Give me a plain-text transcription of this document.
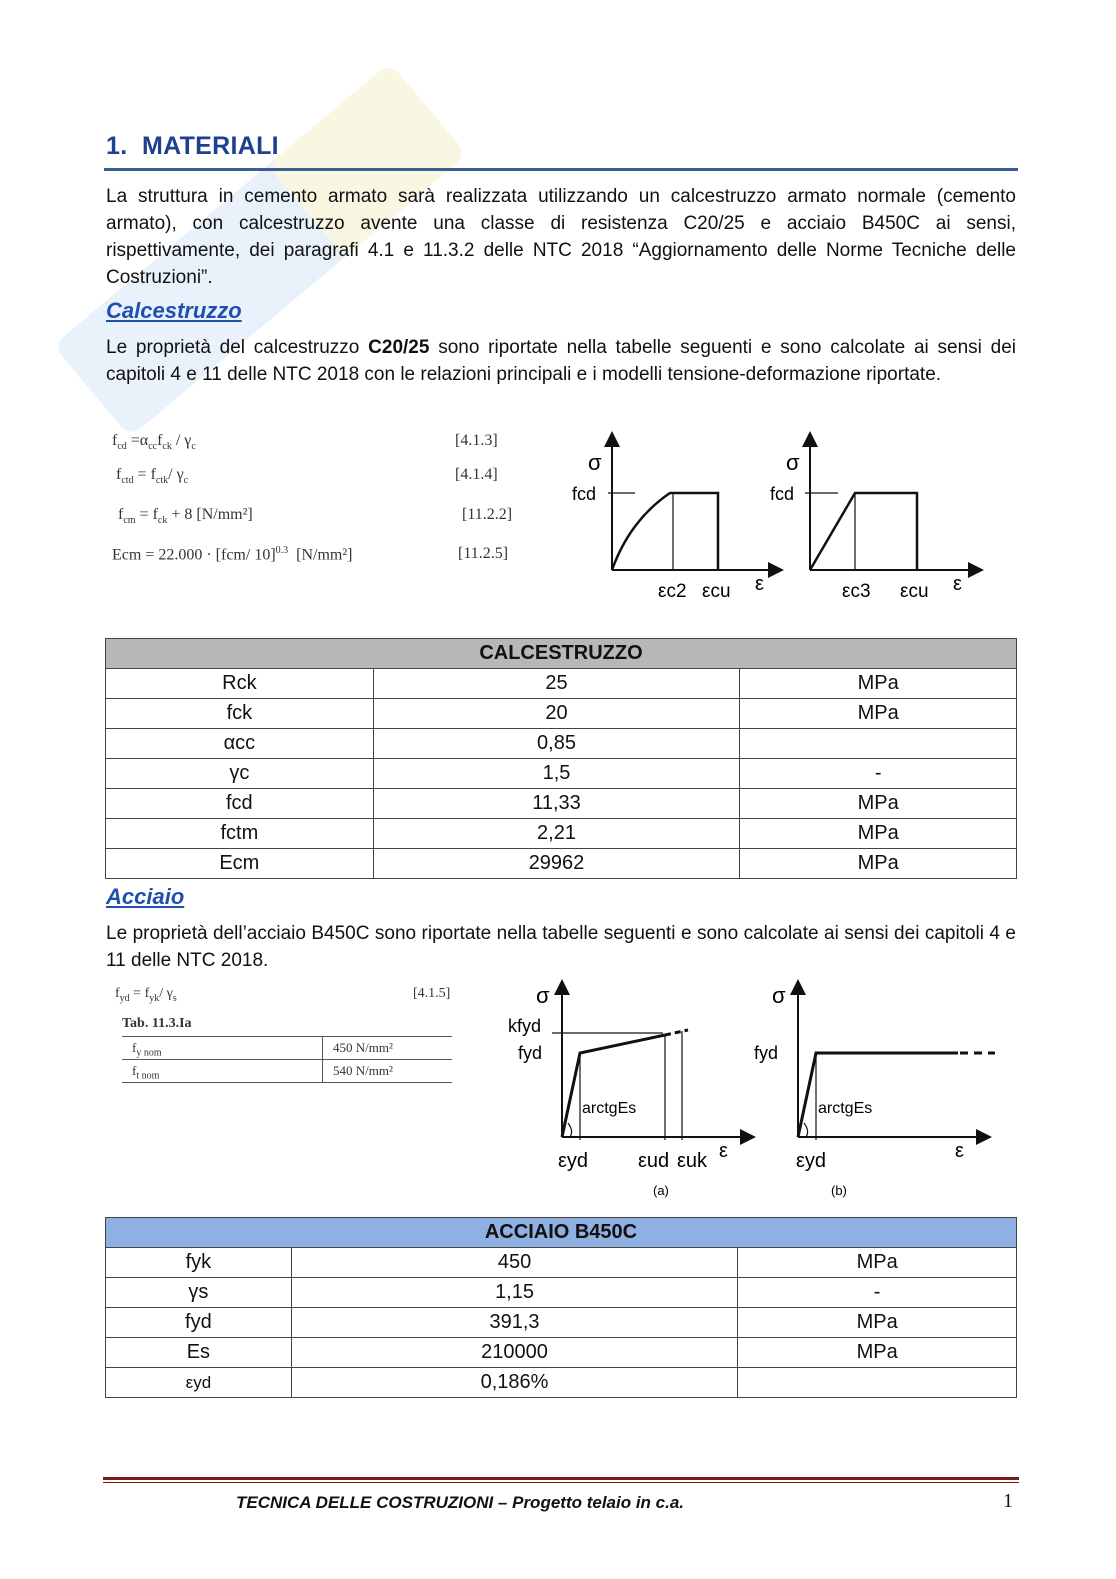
1. MATERIALI
La struttura in cemento armato sarà realizzata utilizzando un calcestruzzo armato normale (cemento armato), con calcestruzzo avente una classe di resistenza C20/25 e acciaio B450C ai sensi, rispettivamente, dei paragrafi 4.1 e 11.3.2 delle NTC 2018 “Aggiornamento delle Norme Tecniche delle Costruzioni”.
Calcestruzzo
Le proprietà del calcestruzzo C20/25 sono riportate nella tabelle seguenti e sono calcolate ai sensi dei capitoli 4 e 11 delle NTC 2018 con le relazioni principali e i modelli tensione-deformazione riportate.
$f_{cd} =\alpha_{cc}f_{ck} / \gamma_c$	[4.1.3]
$f_{ctd} = f_{ctk}/$ $\gamma_c$	[4.1.4]
$f_{cm} = f_{ck} + 8$ [N/mm²]	[11.2.2]
Ecm = 22.000 · [fcm/ 10]$^{0.3}$ [N/mm²]	[11.2.5]
σ
fcd
εc2 εcu ε
σ
fcd
εc3 εcu ε
CALCESTRUZZO		
Rck	25	MPa
fck	20	MPa
αcc	0,85	
γc	1,5	-
fcd	11,33	MPa
fctm	2,21	MPa
Ecm	29962	MPa
Acciaio
Le proprietà dell’acciaio B450C sono riportate nella tabelle seguenti e sono calcolate ai sensi dei capitoli 4 e 11 delle NTC 2018.
$f_{yd} = f_{yk}/$ $\gamma_s$	[4.1.5]
Tab. 11.3.Ia
$f_{y nom}$	450 N/mm²
$f_{t nom}$	540 N/mm²
σ
kfyd
fyd
arctgEs
εyd εud εuk ε
(a)
σ
fyd
arctgEs
εyd	ε
(b)
ACCIAIO B450C		
fyk	450	MPa
γs	1,15	-
fyd	391,3	MPa
Es	210000	MPa
εyd	0,186%	
TECNICA DELLE COSTRUZIONI – Progetto telaio in c.a.	1
